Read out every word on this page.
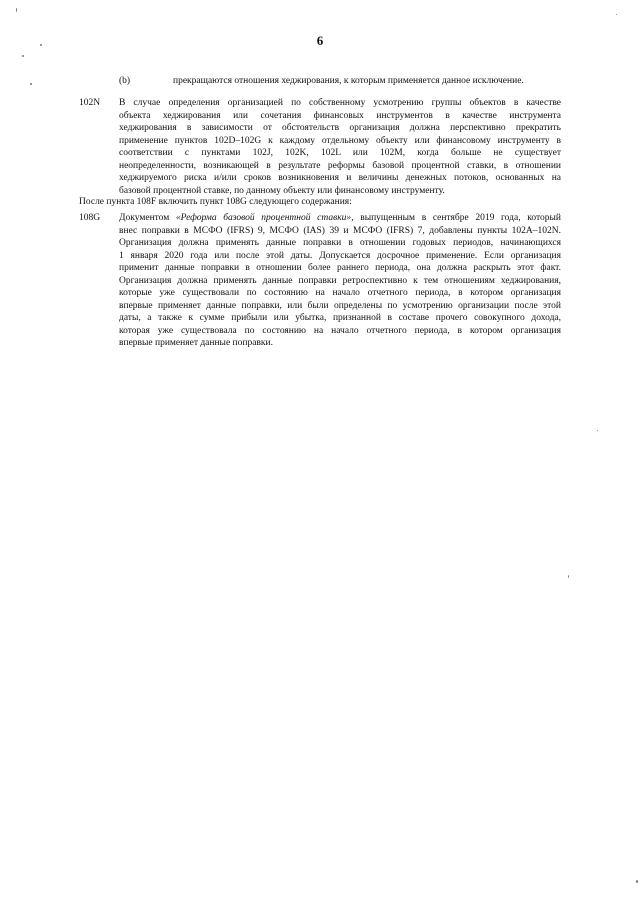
6
(b)	прекращаются отношения хеджирования, к которым применяется данное исключение.
102N В случае определения организацией по собственному усмотрению группы объектов в качестве
объекта хеджирования или сочетания финансовых инструментов в качестве инструмента
хеджирования в зависимости от обстоятельств организация должна перспективно прекратить
применение пунктов 102D–102G к каждому отдельному объекту или финансовому инструменту в
соответствии с пунктами 102J, 102K, 102L или 102M, когда больше не существует
неопределенности, возникающей в результате реформы базовой процентной ставки, в отношении
хеджируемого риска и/или сроков возникновения и величины денежных потоков, основанных на
базовой процентной ставке, по данному объекту или финансовому инструменту.
После пункта 108F включить пункт 108G следующего содержания:
108G Документом «Реформа базовой процентной ставки», выпущенным в сентябре 2019 года, который
внес поправки в МСФО (IFRS) 9, МСФО (IAS) 39 и МСФО (IFRS) 7, добавлены пункты 102A–102N.
Организация должна применять данные поправки в отношении годовых периодов, начинающихся
1 января 2020 года или после этой даты. Допускается досрочное применение. Если организация
применит данные поправки в отношении более раннего периода, она должна раскрыть этот факт.
Организация должна применять данные поправки ретроспективно к тем отношениям хеджирования,
которые уже существовали по состоянию на начало отчетного периода, в котором организация
впервые применяет данные поправки, или были определены по усмотрению организации после этой
даты, а также к сумме прибыли или убытка, признанной в составе прочего совокупного дохода,
которая уже существовала по состоянию на начало отчетного периода, в котором организация
впервые применяет данные поправки.
